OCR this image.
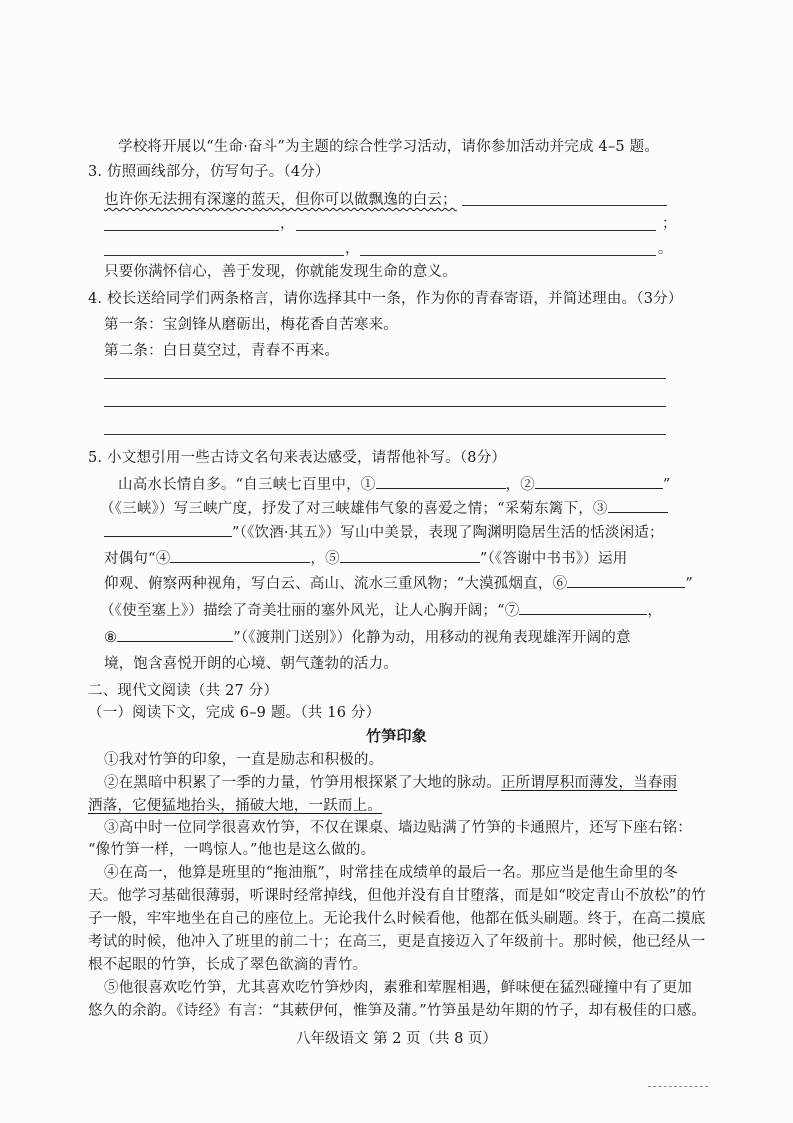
学校将开展以“生命·奋斗”为主题的综合性学习活动，请你参加活动并完成 4–5 题。
3. 仿照画线部分，仿写句子。（4分）
也许你无法拥有深邃的蓝天，但你可以做飘逸的白云；
，	；
，	。
只要你满怀信心，善于发现，你就能发现生命的意义。
4. 校长送给同学们两条格言，请你选择其中一条，作为你的青春寄语，并简述理由。（3分）
第一条：宝剑锋从磨砺出，梅花香自苦寒来。
第二条：白日莫空过，青春不再来。
5. 小文想引用一些古诗文名句来表达感受，请帮他补写。（8分）
山高水长情自多。“自三峡七百里中，①	，②	”
（《三峡》）写三峡广度，抒发了对三峡雄伟气象的喜爱之情；“采菊东篱下，③
”（《饮酒·其五》）写山中美景，表现了陶渊明隐居生活的恬淡闲适；
对偶句“④	，⑤	”（《答谢中书书》）运用
仰观、俯察两种视角，写白云、高山、流水三重风物；“大漠孤烟直，⑥	”
（《使至塞上》）描绘了奇美壮丽的塞外风光，让人心胸开阔；“⑦	，
⑧	”（《渡荆门送别》）化静为动，用移动的视角表现雄浑开阔的意
境，饱含喜悦开朗的心境、朝气蓬勃的活力。
二、现代文阅读（共 27 分）
（一）阅读下文，完成 6–9 题。（共 16 分）
竹笋印象
①我对竹笋的印象，一直是励志和积极的。
②在黑暗中积累了一季的力量，竹笋用根探紧了大地的脉动。正所谓厚积而薄发，当春雨
洒落，它便猛地抬头，捅破大地，一跃而上。
③高中时一位同学很喜欢竹笋，不仅在课桌、墙边贴满了竹笋的卡通照片，还写下座右铭：
“像竹笋一样，一鸣惊人。”他也是这么做的。
④在高一，他算是班里的“拖油瓶”，时常挂在成绩单的最后一名。那应当是他生命里的冬
天。他学习基础很薄弱，听课时经常掉线，但他并没有自甘堕落，而是如“咬定青山不放松”的竹
子一般，牢牢地坐在自己的座位上。无论我什么时候看他，他都在低头刷题。终于，在高二摸底
考试的时候，他冲入了班里的前二十；在高三，更是直接迈入了年级前十。那时候，他已经从一
根不起眼的竹笋，长成了翠色欲滴的青竹。
⑤他很喜欢吃竹笋，尤其喜欢吃竹笋炒肉，素雅和荤腥相遇，鲜味便在猛烈碰撞中有了更加
悠久的余韵。《诗经》有言：“其蔌伊何，惟笋及蒲。”竹笋虽是幼年期的竹子，却有极佳的口感。
八年级语文 第 2 页（共 8 页）
